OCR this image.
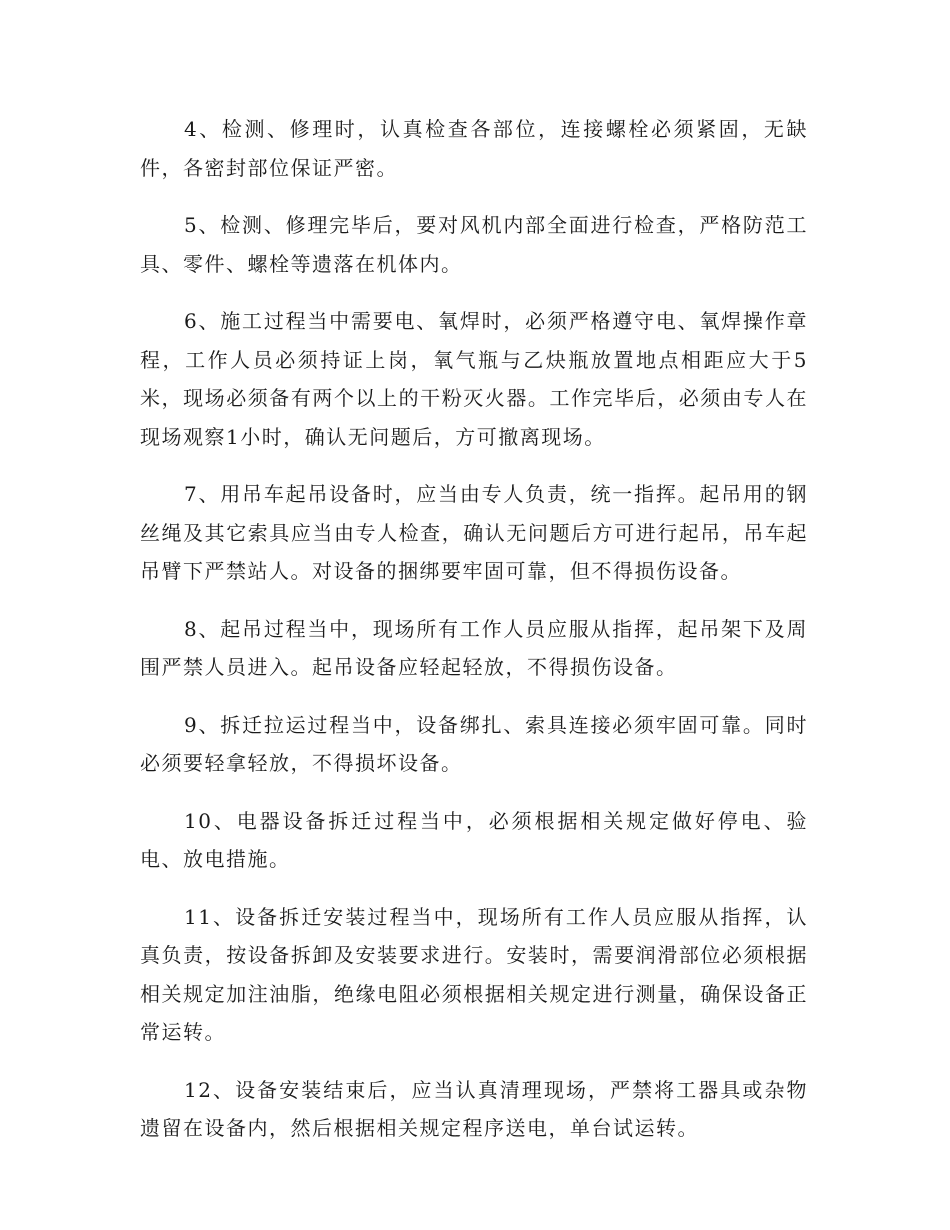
4、检测、修理时，认真检查各部位，连接螺栓必须紧固，无缺件，各密封部位保证严密。

5、检测、修理完毕后，要对风机内部全面进行检查，严格防范工具、零件、螺栓等遗落在机体内。

6、施工过程当中需要电、氧焊时，必须严格遵守电、氧焊操作章程，工作人员必须持证上岗，氧气瓶与乙炔瓶放置地点相距应大于5米，现场必须备有两个以上的干粉灭火器。工作完毕后，必须由专人在现场观察1小时，确认无问题后，方可撤离现场。

7、用吊车起吊设备时，应当由专人负责，统一指挥。起吊用的钢丝绳及其它索具应当由专人检查，确认无问题后方可进行起吊，吊车起吊臂下严禁站人。对设备的捆绑要牢固可靠，但不得损伤设备。

8、起吊过程当中，现场所有工作人员应服从指挥，起吊架下及周围严禁人员进入。起吊设备应轻起轻放，不得损伤设备。

9、拆迁拉运过程当中，设备绑扎、索具连接必须牢固可靠。同时必须要轻拿轻放，不得损坏设备。

10、电器设备拆迁过程当中，必须根据相关规定做好停电、验电、放电措施。

11、设备拆迁安装过程当中，现场所有工作人员应服从指挥，认真负责，按设备拆卸及安装要求进行。安装时，需要润滑部位必须根据相关规定加注油脂，绝缘电阻必须根据相关规定进行测量，确保设备正常运转。

12、设备安装结束后，应当认真清理现场，严禁将工器具或杂物遗留在设备内，然后根据相关规定程序送电，单台试运转。
